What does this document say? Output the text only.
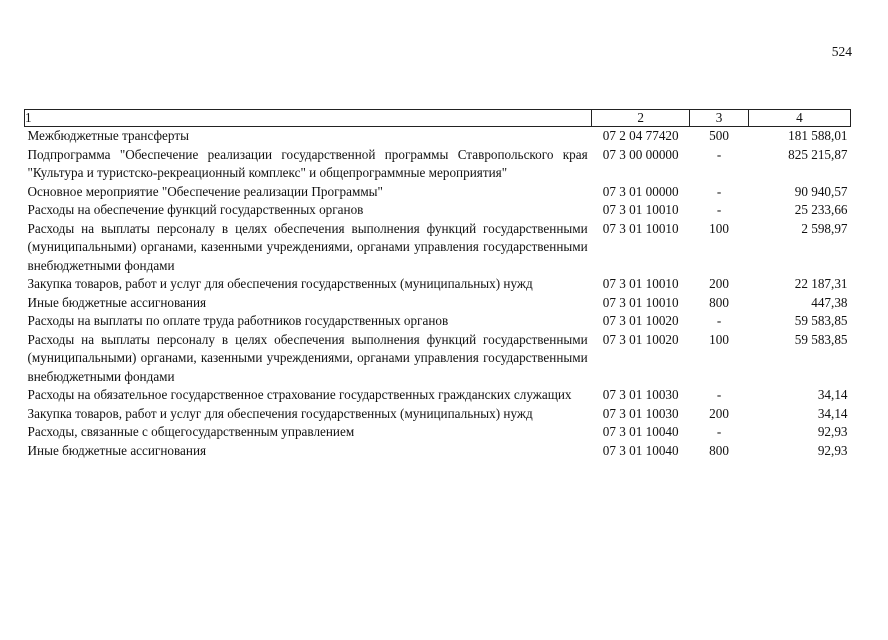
524
1	2	3	4
Межбюджетные трансферты	07 2 04 77420	500	181 588,01
Подпрограмма "Обеспечение реализации государственной программы Ставропольского края "Культура и туристско-рекреационный комплекс" и общепрограммные мероприятия"	07 3 00 00000	-	825 215,87
Основное мероприятие "Обеспечение реализации Программы"	07 3 01 00000	-	90 940,57
Расходы на обеспечение функций государственных органов	07 3 01 10010	-	25 233,66
Расходы на выплаты персоналу в целях обеспечения выполнения функций государственными (муниципальными) органами, казенными учреждениями, органами управления государственными внебюджетными фондами	07 3 01 10010	100	2 598,97
Закупка товаров, работ и услуг для обеспечения государственных (муниципальных) нужд	07 3 01 10010	200	22 187,31
Иные бюджетные ассигнования	07 3 01 10010	800	447,38
Расходы на выплаты по оплате труда работников государственных органов	07 3 01 10020	-	59 583,85
Расходы на выплаты персоналу в целях обеспечения выполнения функций государственными (муниципальными) органами, казенными учреждениями, органами управления государственными внебюджетными фондами	07 3 01 10020	100	59 583,85
Расходы на обязательное государственное страхование государственных гражданских служащих	07 3 01 10030	-	34,14
Закупка товаров, работ и услуг для обеспечения государственных (муниципальных) нужд	07 3 01 10030	200	34,14
Расходы, связанные с общегосударственным управлением	07 3 01 10040	-	92,93
Иные бюджетные ассигнования	07 3 01 10040	800	92,93
